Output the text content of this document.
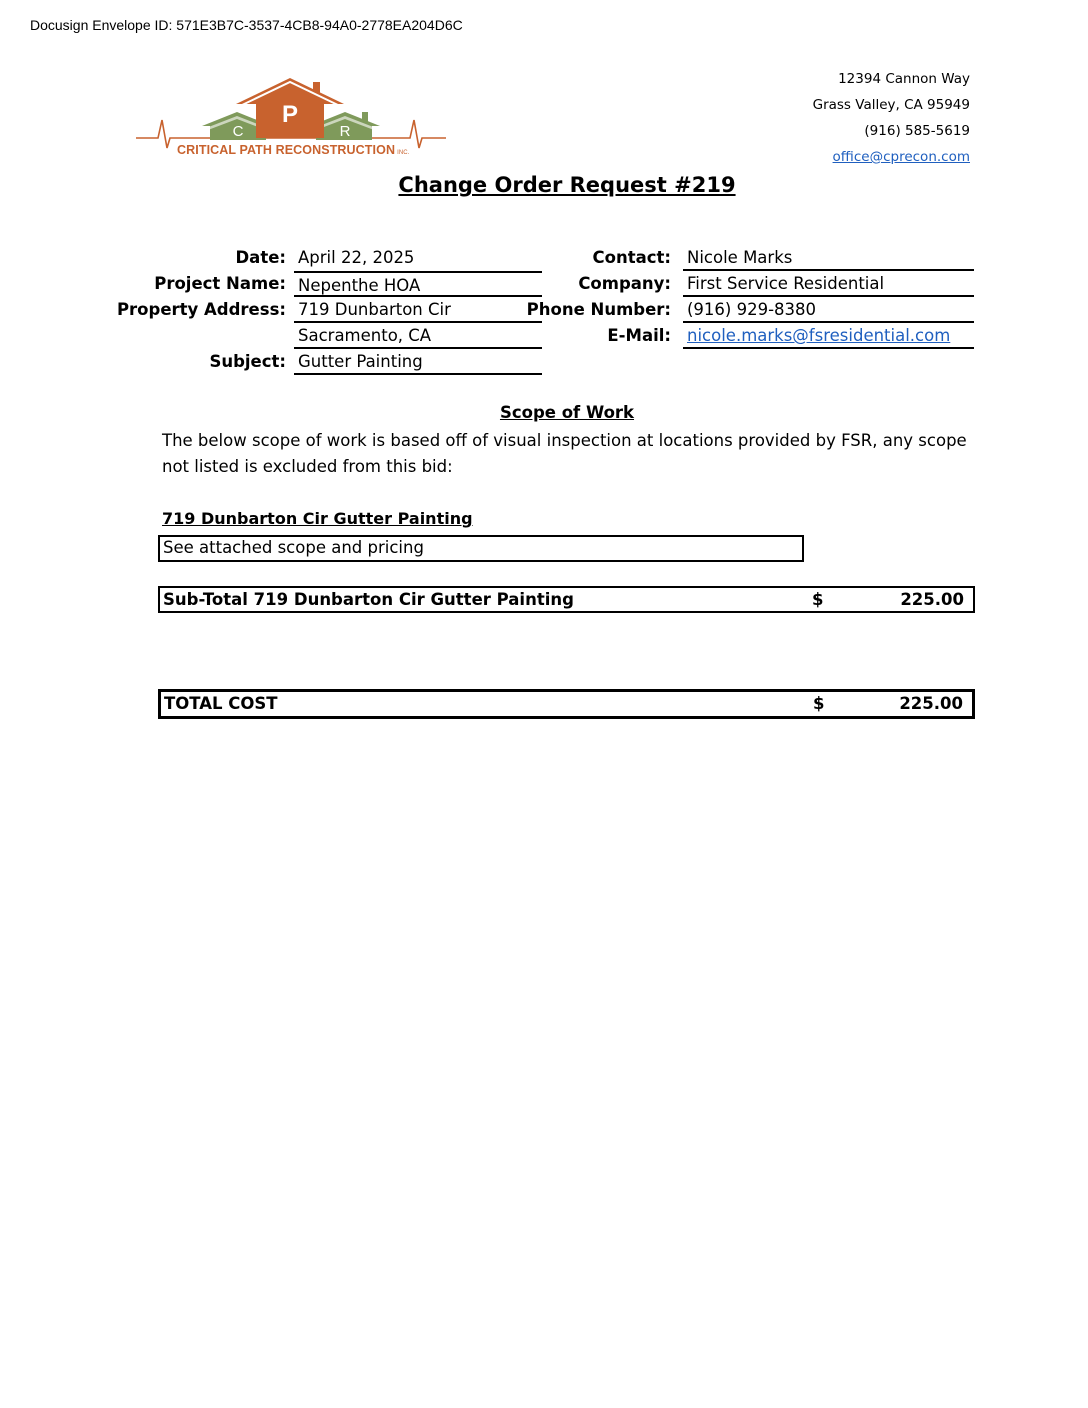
Docusign Envelope ID: 571E3B7C-3537-4CB8-94A0-2778EA204D6C
P
C	R
CRITICAL PATH RECONSTRUCTION INC.
12394 Cannon Way
Grass Valley, CA 95949
(916) 585-5619
office@cprecon.com
Change Order Request #219
Date: April 22, 2025
Project Name: Nepenthe HOA
Property Address: 719 Dunbarton Cir
Sacramento, CA
Subject: Gutter Painting
Contact: Nicole Marks
Company: First Service Residential
Phone Number: (916) 929-8380
E-Mail: nicole.marks@fsresidential.com
Scope of Work
The below scope of work is based off of visual inspection at locations provided by FSR, any scope not listed is excluded from this bid:
719 Dunbarton Cir Gutter Painting
See attached scope and pricing
Sub-Total 719 Dunbarton Cir Gutter Painting	$	225.00
TOTAL COST	$	225.00
